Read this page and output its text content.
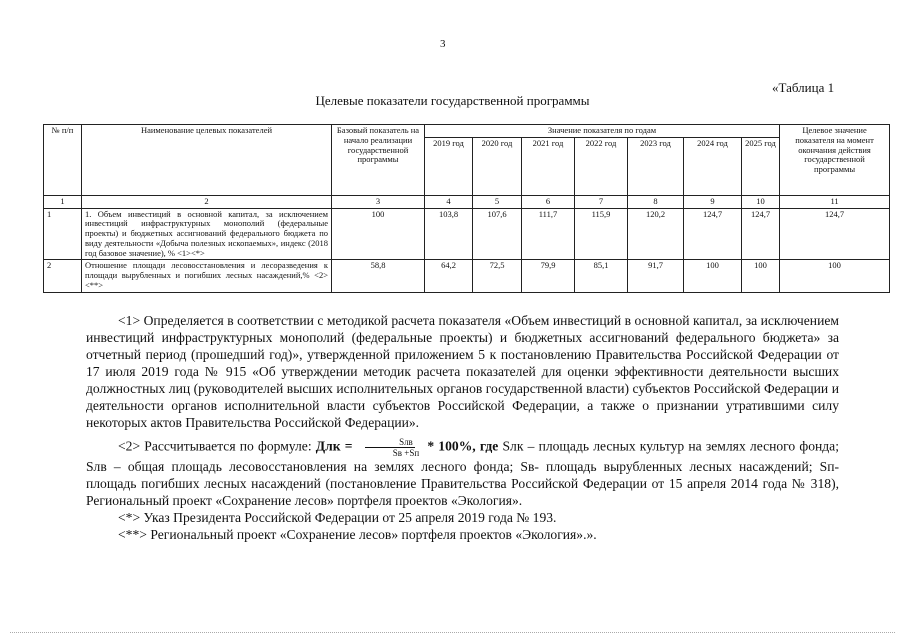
3
«Таблица 1
Целевые показатели государственной программы
№ п/п	Наименование целевых показателей	Базовый показатель на начало реализации государственной программы	Значение показателя по годам							Целевое значение показателя на момент окончания действия государственной программы
			2019 год	2020 год	2021 год	2022 год	2023 год	2024 год	2025 год	
1	2	3	4	5	6	7	8	9	10	11
1	1. Объем инвестиций в основной капитал, за исключением инвестиций инфраструктурных монополий (федеральные проекты) и бюджетных ассигнований федерального бюджета по виду деятельности «Добыча полезных ископаемых», индекс (2018 год базовое значение), % <1><*>	100	103,8	107,6	111,7	115,9	120,2	124,7	124,7	124,7
2	Отношение площади лесовосстановления и лесоразведения к площади вырубленных и погибших лесных насаждений,% <2> <**>	58,8	64,2	72,5	79,9	85,1	91,7	100	100	100

<1> Определяется в соответствии с методикой расчета показателя «Объем инвестиций в основной капитал, за исключением инвестиций инфраструктурных монополий (федеральные проекты) и бюджетных ассигнований федерального бюджета» за отчетный период (прошедший год)», утвержденной приложением 5 к постановлению Правительства Российской Федерации от 17 июля 2019 года № 915 «Об утверждении методик расчета показателей для оценки эффективности деятельности высших должностных лиц (руководителей высших исполнительных органов государственной власти) субъектов Российской Федерации и деятельности органов исполнительной власти субъектов Российской Федерации, а также о признании утратившими силу некоторых актов Правительства Российской Федерации».

<2> Рассчитывается по формуле: Длк = $\frac{\text{Sлв}}{Sв +Sп} * 100\%$, где Sлк – площадь лесных культур на землях лесного фонда; Sлв – общая площадь лесовосстановления на землях лесного фонда; Sв- площадь вырубленных лесных насаждений; Sп- площадь погибших лесных насаждений (постановление Правительства Российской Федерации от 15 апреля 2014 года № 318), Региональный проект «Сохранение лесов» портфеля проектов «Экология».

<*> Указ Президента Российской Федерации от 25 апреля 2019 года № 193.

<**> Региональный проект «Сохранение лесов» портфеля проектов «Экология».».
